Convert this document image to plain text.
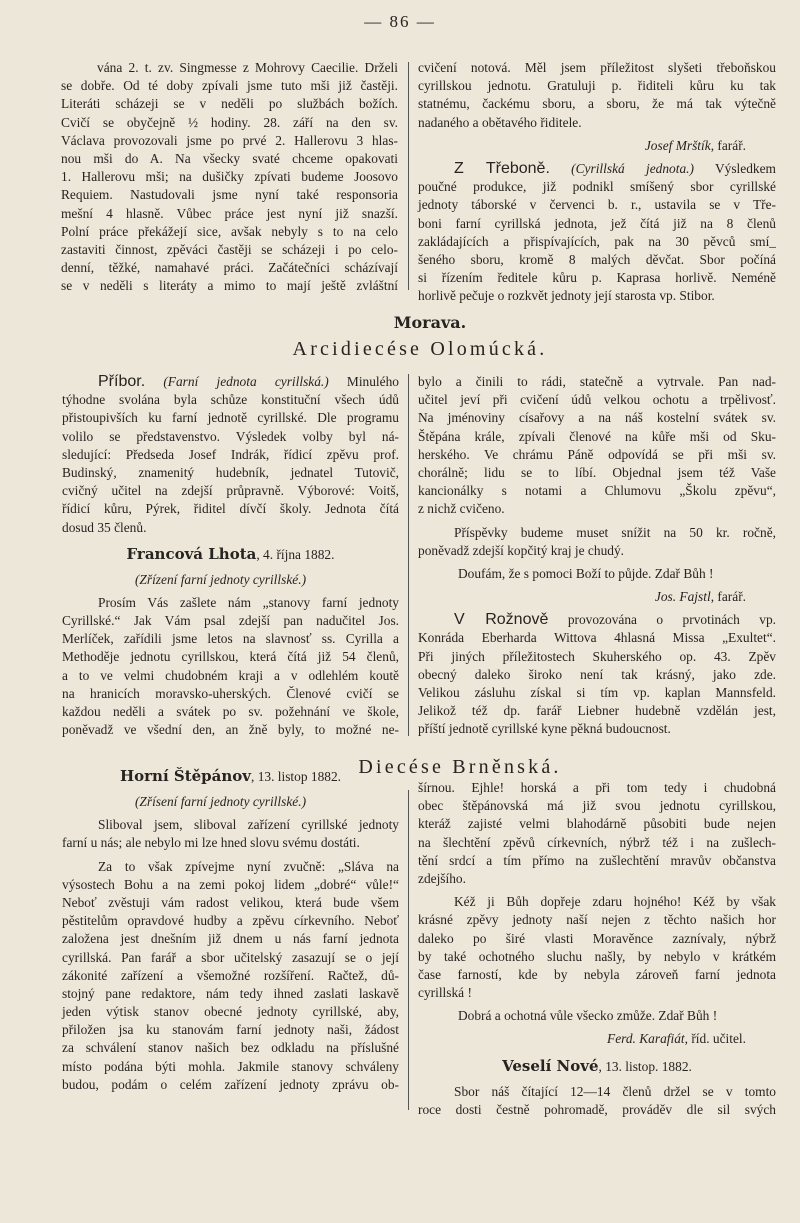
— 86 —
vána 2. t. zv. Singmesse z Mohrovy Caecilie. Drželi
se dobře. Od té doby zpívali jsme tuto mši již častěji.
Literáti scházeji se v neděli po službách božích.
Cvičí se obyčejně ½ hodiny. 28. září na den sv.
Václava provozovali jsme po prvé 2. Hallerovu 3 hlas-
nou mši do A. Na všecky svaté chceme opakovati
1. Hallerovu mši; na dušičky zpívati budeme Joosovo
Requiem. Nastudovali jsme nyní také responsoria
mešní 4 hlasně. Vůbec práce jest nyní již snazší.
Polní práce překážejí sice, avšak nebyly s to na celo
zastaviti činnost, zpěváci častěji se scházeji i po celo-
denní, těžké, namahavé práci. Začátečníci scházívají
se v neděli s literáty a mimo to mají ještě zvláštní
cvičení notová. Měl jsem příležitost slyšeti třeboňskou
cyrillskou jednotu. Gratuluji p. řiditeli kůru ku tak
statnému, čackému sboru, a sboru, že má tak výtečně
nadaného a obětavého řiditele.
Josef Mrštík, farář.
Z Třeboně. (Cyrillská jednota.) Výsledkem
poučné produkce, již podnikl smíšený sbor cyrillské
jednoty táborské v červenci b. r., ustavila se v Tře-
boni farní cyrillská jednota, jež čítá již na 8 členů
zakládajících a přispívajících, pak na 30 pěvců smí_
šeného sboru, kromě 8 malých děvčat. Sbor počíná
si řízením ředitele kůru p. Kaprasa horlivě. Neméně
horlivě pečuje o rozkvět jednoty její starosta vp. Stibor.
Morava.
Arcidiecése Olomúcká.
Příbor. (Farní jednota cyrillská.) Minulého
týhodne svolána byla schůze konstituční všech údů
přistoupivších ku farní jednotě cyrillské. Dle programu
volilo se představenstvo. Výsledek volby byl ná-
sledující: Předseda Josef Indrák, řídicí zpěvu prof.
Budinský, znamenitý hudebník, jednatel Tutovič,
cvičný učitel na zdejší průpravně. Výborové: Voitš,
řídicí kůru, Pýrek, řiditel dívčí školy. Jednota čítá
dosud 35 členů.
Francová Lhota, 4. října 1882.
(Zřízení farní jednoty cyrillské.)
Prosím Vás zašlete nám „stanovy farní jednoty
Cyrillské.“ Jak Vám psal zdejší pan nadučitel Jos.
Merlíček, zařídili jsme letos na slavnosť ss. Cyrilla a
Methoděje jednotu cyrillskou, která čítá již 54 členů,
a to ve velmi chudobném kraji a v odlehlém koutě
na hranicích moravsko-uherských. Členové cvičí se
každou neděli a svátek po sv. požehnání ve škole,
poněvadž ve všední den, an žně byly, to možné ne-
bylo a činili to rádi, statečně a vytrvale. Pan nad-
učitel jeví při cvičení údů velkou ochotu a trpělivosť.
Na jménoviny císařovy a na náš kostelní svátek sv.
Štěpána krále, zpívali členové na kůře mši od Sku-
herského. Ve chrámu Páně odpovídá se při mši sv.
chorálně; lidu se to líbí. Objednal jsem též Vaše
kancionálky s notami a Chlumovu „Školu zpěvu“,
z nichž cvičeno.
Příspěvky budeme muset snížit na 50 kr. ročně,
poněvadž zdejší kopčitý kraj je chudý.
Doufám, že s pomoci Boží to půjde. Zdař Bůh !
Jos. Fajstl, farář.
V Rožnově provozována o prvotinách vp.
Konráda Eberharda Wittova 4hlasná Missa „Exultet“.
Při jiných příležitostech Skuherského op. 43. Zpěv
obecný daleko široko není tak krásný, jako zde.
Velikou zásluhu získal si tím vp. kaplan Mannsfeld.
Jelikož též dp. farář Liebner hudebně vzdělán jest,
příští jednotě cyrillské kyne pěkná budoucnost.
Diecése Brněnská.
Horní Štěpánov, 13. listop 1882.
(Zřísení farní jednoty cyrillské.)
Sliboval jsem, sliboval zařízení cyrillské jednoty
farní u nás; ale nebylo mi lze hned slovu svému dostáti.
Za to však zpívejme nyní zvučně: „Sláva na
výsostech Bohu a na zemi pokoj lidem „dobré“ vůle!“
Neboť zvěstuji vám radost velikou, která bude všem
pěstitelům opravdové hudby a zpěvu církevního. Neboť
založena jest dnešním již dnem u nás farní jednota
cyrillská. Pan farář a sbor učitelský zasazují se o její
zákonité zařízení a všemožné rozšíření. Račtež, dů-
stojný pane redaktore, nám tedy ihned zaslati laskavě
jeden výtisk stanov obecné jednoty cyrillské, aby,
přiložen jsa ku stanovám farní jednoty naši, žádost
za schválení stanov našich bez odkladu na příslušné
místo podána býti mohla. Jakmile stanovy schváleny
budou, podám o celém zařízení jednoty zprávu ob-
šírnou. Ejhle! horská a při tom tedy i chudobná
obec štěpánovská má již svou jednotu cyrillskou,
kteráž zajisté velmi blahodárně působiti bude nejen
na šlechtění zpěvů církevních, nýbrž též i na zušlech-
tění srdcí a tím přímo na zušlechtění mravův občanstva
zdejšího.
Kéž ji Bůh dopřeje zdaru hojného! Kéž by však
krásné zpěvy jednoty naší nejen z těchto našich hor
daleko po širé vlasti Moravěnce zaznívaly, nýbrž
by také ochotného sluchu našly, by nebylo v krátkém
čase farností, kde by nebyla zároveň farní jednota
cyrillská !
Dobrá a ochotná vůle všecko zmůže. Zdař Bůh !
Ferd. Karafiát, říd. učitel.
Veselí Nové, 13. listop. 1882.
Sbor náš čítající 12—14 členů držel se v tomto
roce dosti čestně pohromadě, prováděv dle sil svých
